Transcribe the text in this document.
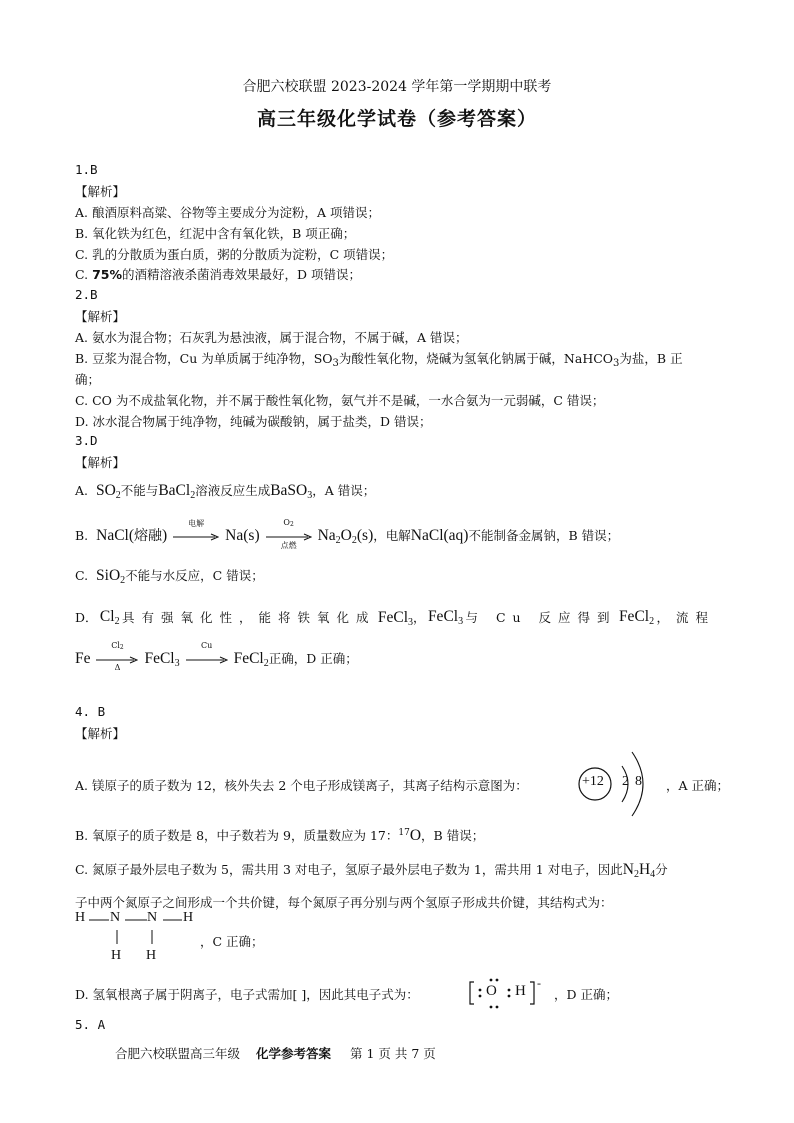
合肥六校联盟 2023-2024 学年第一学期期中联考
高三年级化学试卷（参考答案）
1.B
【解析】
A. 酿酒原料高粱、谷物等主要成分为淀粉，A 项错误；
B. 氧化铁为红色，红泥中含有氧化铁，B 项正确；
C. 乳的分散质为蛋白质，粥的分散质为淀粉，C 项错误；
C. 75%的酒精溶液杀菌消毒效果最好，D 项错误；
2.B
【解析】
A. 氨水为混合物；石灰乳为悬浊液，属于混合物，不属于碱，A 错误；
B. 豆浆为混合物，Cu 为单质属于纯净物，$SO_3$为酸性氧化物，烧碱为氢氧化钠属于碱，NaHCO$_3$为盐，B 正
确；
C. CO 为不成盐氧化物，并不属于酸性氧化物，氨气并不是碱，一水合氨为一元弱碱，C 错误；
D. 冰水混合物属于纯净物，纯碱为碳酸钠，属于盐类，D 错误；
3.D
【解析】
A. $SO_2$不能与BaCl$_2$溶液反应生成BaSO$_3$，A 错误；
B. NaCl(熔融)
电解
Na(s)
$O_2$
点燃
$Na_2O_2(s)$，电解NaCl(aq)不能制备金属钠，B 错误；
C. SiO$_2$不能与水反应，C 错误；
D． $Cl_2$ 具有强氧化性，能将铁氧化成 FeCl$_3$， FeCl$_3$ 与 Cu 反应得到 FeCl$_2$ ，流程
Fe
$Cl_2$
Δ	FeCl$_3$
Cu
FeCl$_2$正确，D 正确；
4. B
【解析】
A. 镁原子的质子数为 12，核外失去 2 个电子形成镁离子，其离子结构示意图为：	+12 2 8 ，A 正确；
B. 氧原子的质子数是 8，中子数若为 9，质量数应为 17：$^{17}$O，B 错误；
C. 氮原子最外层电子数为 5，需共用 3 对电子，氢原子最外层电子数为 1，需共用 1 对电子，因此$N_2H_4$分
子中两个氮原子之间形成一个共价键，每个氮原子再分别与两个氢原子形成共价键，其结构式为：
H N N H
H H
，C 正确；
D. 氢氧根离子属于阴离子，电子式需加[ ]，因此其电子式为：	O H -
，D 正确；
5. A
合肥六校联盟高三年级 化学参考答案 第 1 页 共 7 页
